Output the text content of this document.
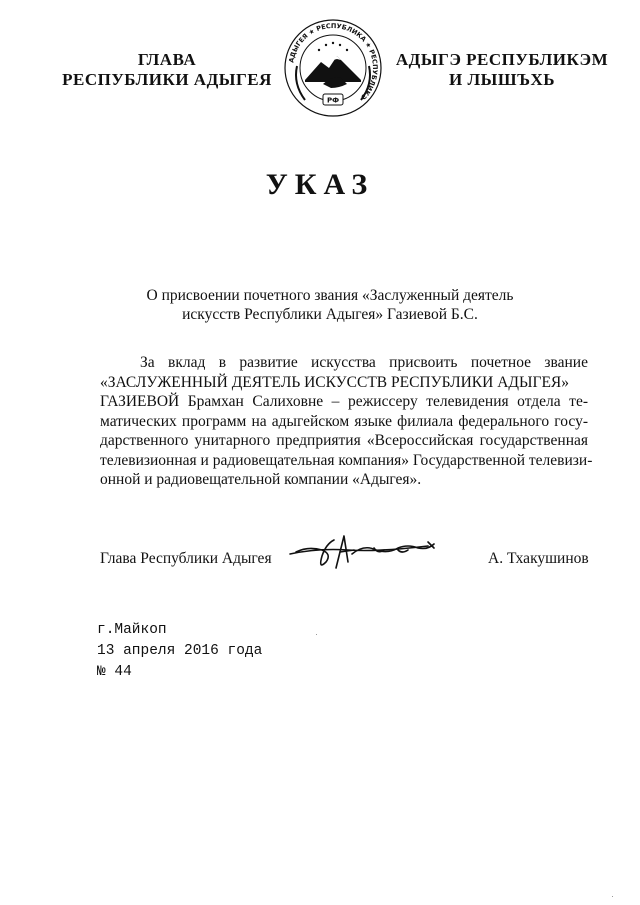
ГЛАВА
РЕСПУБЛИКИ АДЫГЕЯ
АДЫГЕЯ ★ РЕСПУБЛИКА ★ РЕСПУБЛИКЭ
РФ
АДЫГЭ РЕСПУБЛИКЭМ
И ЛЫШЪХЬ
УКАЗ
О присвоении почетного звания «Заслуженный деятель
искусств Республики Адыгея» Газиевой Б.С.
За вклад в развитие искусства присвоить почетное звание
«ЗАСЛУЖЕННЫЙ ДЕЯТЕЛЬ ИСКУССТВ РЕСПУБЛИКИ АДЫГЕЯ»
ГАЗИЕВОЙ Брамхан Салиховне – режиссеру телевидения отдела те-
матических программ на адыгейском языке филиала федерального госу-
дарственного унитарного предприятия «Всероссийская государственная
телевизионная и радиовещательная компания» Государственной телевизи-
онной и радиовещательной компании «Адыгея».
Глава Республики Адыгея	А. Тхакушинов
г.Майкоп
13 апреля 2016 года
№ 44
